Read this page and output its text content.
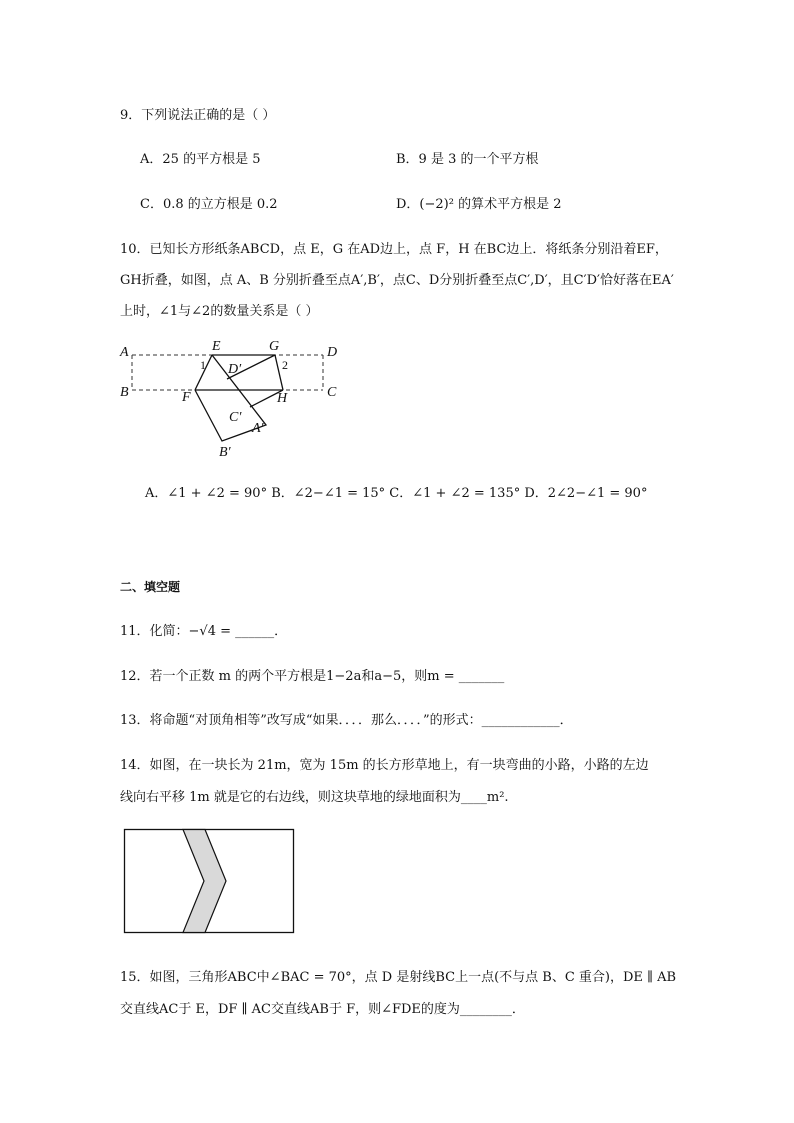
9．下列说法正确的是（ ）
A．25 的平方根是 5	B．9 是 3 的一个平方根
C．0.8 的立方根是 0.2	D．(−2)² 的算术平方根是 2
10．已知长方形纸条ABCD，点 E，G 在AD边上，点 F，H 在BC边上．将纸条分别沿着EF，
GH折叠，如图，点 A、B 分别折叠至点A′,B′，点C、D分别折叠至点C′,D′，且C′D′恰好落在EA′
上时，∠1与∠2的数量关系是（ ）
A
B	C
D
E
F
G
H
A′
B′
C′
D′
1	2
A．∠1 + ∠2 = 90° B．∠2−∠1 = 15° C．∠1 + ∠2 = 135° D．2∠2−∠1 = 90°
二、填空题
11．化简：−√4 = ______．
12．若一个正数 m 的两个平方根是1−2a和a−5，则m = _______
13．将命题“对顶角相等”改写成“如果．．．．那么．．．．”的形式：____________．
14．如图，在一块长为 21m，宽为 15m 的长方形草地上，有一块弯曲的小路，小路的左边
线向右平移 1m 就是它的右边线，则这块草地的绿地面积为____m².
15．如图，三角形ABC中∠BAC = 70°，点 D 是射线BC上一点(不与点 B、C 重合)，DE ∥ AB
交直线AC于 E，DF ∥ AC交直线AB于 F，则∠FDE的度为________．
